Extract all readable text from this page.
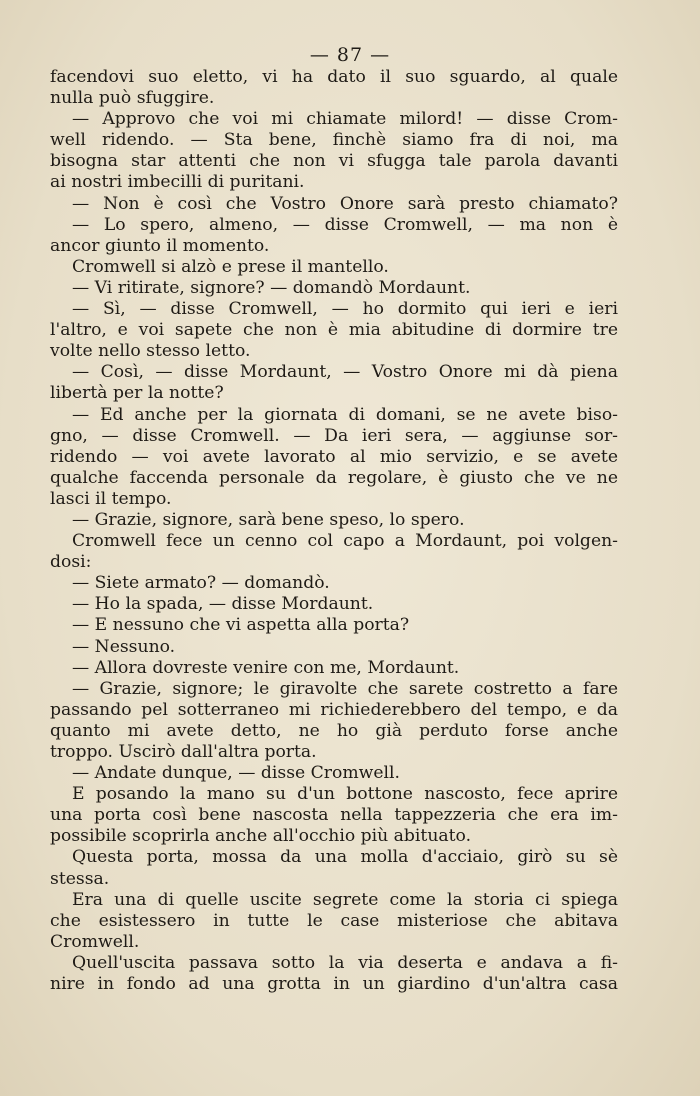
— 87 —
facendovi suo eletto, vi ha dato il suo sguardo, al quale
nulla può sfuggire.
— Approvo che voi mi chiamate milord! — disse Crom-
well ridendo. — Sta bene, finchè siamo fra di noi, ma
bisogna star attenti che non vi sfugga tale parola davanti
ai nostri imbecilli di puritani.
— Non è così che Vostro Onore sarà presto chiamato?
— Lo spero, almeno, — disse Cromwell, — ma non è
ancor giunto il momento.
Cromwell si alzò e prese il mantello.
— Vi ritirate, signore? — domandò Mordaunt.
— Sì, — disse Cromwell, — ho dormito qui ieri e ieri
l'altro, e voi sapete che non è mia abitudine di dormire tre
volte nello stesso letto.
— Così, — disse Mordaunt, — Vostro Onore mi dà piena
libertà per la notte?
— Ed anche per la giornata di domani, se ne avete biso-
gno, — disse Cromwell. — Da ieri sera, — aggiunse sor-
ridendo — voi avete lavorato al mio servizio, e se avete
qualche faccenda personale da regolare, è giusto che ve ne
lasci il tempo.
— Grazie, signore, sarà bene speso, lo spero.
Cromwell fece un cenno col capo a Mordaunt, poi volgen-
dosi:
— Siete armato? — domandò.
— Ho la spada, — disse Mordaunt.
— E nessuno che vi aspetta alla porta?
— Nessuno.
— Allora dovreste venire con me, Mordaunt.
— Grazie, signore; le giravolte che sarete costretto a fare
passando pel sotterraneo mi richiederebbero del tempo, e da
quanto mi avete detto, ne ho già perduto forse anche
troppo. Uscirò dall'altra porta.
— Andate dunque, — disse Cromwell.
E posando la mano su d'un bottone nascosto, fece aprire
una porta così bene nascosta nella tappezzeria che era im-
possibile scoprirla anche all'occhio più abituato.
Questa porta, mossa da una molla d'acciaio, girò su sè
stessa.
Era una di quelle uscite segrete come la storia ci spiega
che esistessero in tutte le case misteriose che abitava
Cromwell.
Quell'uscita passava sotto la via deserta e andava a fi-
nire in fondo ad una grotta in un giardino d'un'altra casa
